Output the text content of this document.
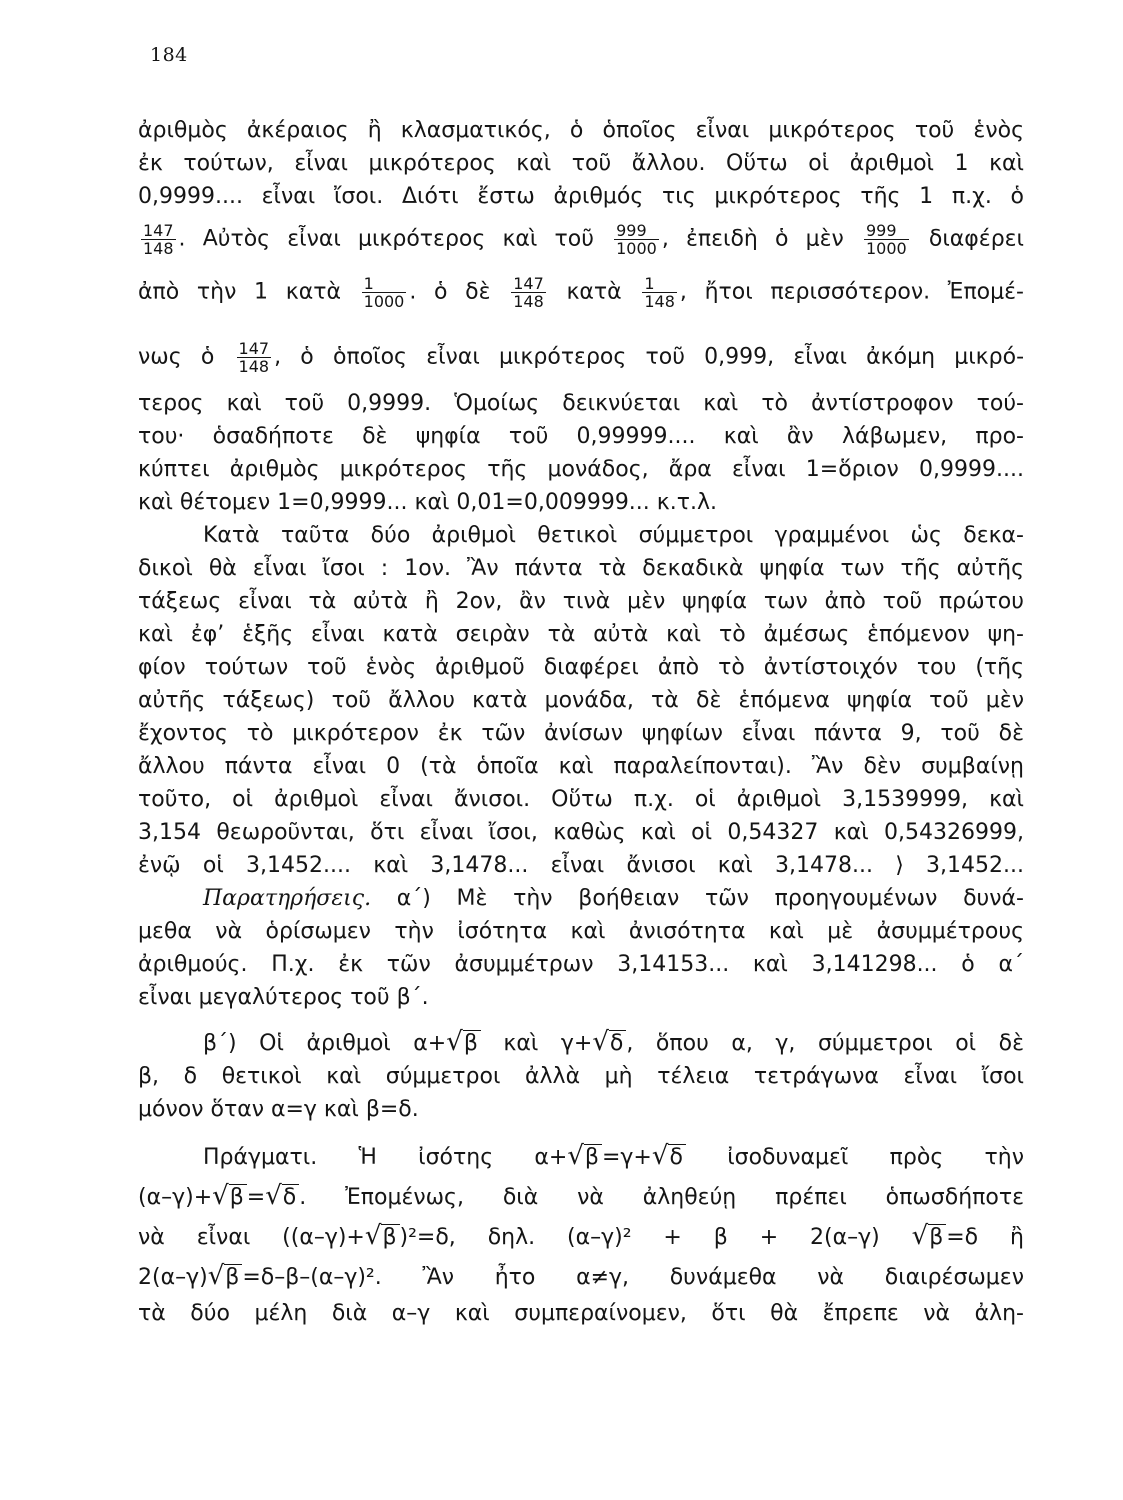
184
ἀριθμὸς ἀκέραιος ἢ κλασματικός, ὁ ὁποῖος εἶναι μικρότερος τοῦ ἑνὸς
ἐκ τούτων, εἶναι μικρότερος καὶ τοῦ ἄλλου. Οὕτω οἱ ἀριθμοὶ 1 καὶ
0,9999.... εἶναι ἴσοι. Διότι ἔστω ἀριθμός τις μικρότερος τῆς 1 π.χ. ὁ
$\frac{147}{148}$ . Αὐτὸς εἶναι μικρότερος καὶ τοῦ $\frac{999}{1000}$ , ἐπειδὴ ὁ μὲν $\frac{999}{1000}$ διαφέρει
ἀπὸ τὴν 1 κατὰ $\frac{1}{1000}$ . ὁ δὲ $\frac{147}{148}$ κατὰ $\frac{1}{148}$ , ἤτοι περισσότερον. Ἐπομέ-
νως ὁ $\frac{147}{148}$ , ὁ ὁποῖος εἶναι μικρότερος τοῦ 0,999, εἶναι ἀκόμη μικρό-
τερος καὶ τοῦ 0,9999. Ὁμοίως δεικνύεται καὶ τὸ ἀντίστροφον τού-
του· ὁσαδήποτε δὲ ψηφία τοῦ 0,99999.... καὶ ἂν λάβωμεν, προ-
κύπτει ἀριθμὸς μικρότερος τῆς μονάδος, ἄρα εἶναι 1=ὅριον 0,9999....
καὶ θέτομεν 1=0,9999... καὶ 0,01=0,009999... κ.τ.λ.
Κατὰ ταῦτα δύο ἀριθμοὶ θετικοὶ σύμμετροι γραμμένοι ὡς δεκα-
δικοὶ θὰ εἶναι ἴσοι : 1ον. Ἂν πάντα τὰ δεκαδικὰ ψηφία των τῆς αὐτῆς
τάξεως εἶναι τὰ αὐτὰ ἢ 2ον, ἂν τινὰ μὲν ψηφία των ἀπὸ τοῦ πρώτου
καὶ ἐφ’ ἑξῆς εἶναι κατὰ σειρὰν τὰ αὐτὰ καὶ τὸ ἀμέσως ἑπόμενον ψη-
φίον τούτων τοῦ ἑνὸς ἀριθμοῦ διαφέρει ἀπὸ τὸ ἀντίστοιχόν του (τῆς
αὐτῆς τάξεως) τοῦ ἄλλου κατὰ μονάδα, τὰ δὲ ἑπόμενα ψηφία τοῦ μὲν
ἔχοντος τὸ μικρότερον ἐκ τῶν ἀνίσων ψηφίων εἶναι πάντα 9, τοῦ δὲ
ἄλλου πάντα εἶναι 0 (τὰ ὁποῖα καὶ παραλείπονται). Ἂν δὲν συμβαίνῃ
τοῦτο, οἱ ἀριθμοὶ εἶναι ἄνισοι. Οὕτω π.χ. οἱ ἀριθμοὶ 3,1539999, καὶ
3,154 θεωροῦνται, ὅτι εἶναι ἴσοι, καθὼς καὶ οἱ 0,54327 καὶ 0,54326999,
ἐνῷ οἱ 3,1452.... καὶ 3,1478... εἶναι ἄνισοι καὶ 3,1478... ⟩ 3,1452...
Παρατηρήσεις. α΄) Μὲ τὴν βοήθειαν τῶν προηγουμένων δυνά-
μεθα νὰ ὁρίσωμεν τὴν ἰσότητα καὶ ἀνισότητα καὶ μὲ ἀσυμμέτρους
ἀριθμούς. Π.χ. ἐκ τῶν ἀσυμμέτρων 3,14153... καὶ 3,141298... ὁ α΄
εἶναι μεγαλύτερος τοῦ β΄.
β΄) Οἱ ἀριθμοὶ α+√β καὶ γ+√δ , ὅπου α, γ, σύμμετροι οἱ δὲ
β, δ θετικοὶ καὶ σύμμετροι ἀλλὰ μὴ τέλεια τετράγωνα εἶναι ἴσοι
μόνον ὅταν α=γ καὶ β=δ.
Πράγματι. Ἡ ἰσότης α+√β =γ+√δ ἰσοδυναμεῖ πρὸς τὴν
(α–γ)+√β =√δ . Ἐπομένως, διὰ νὰ ἀληθεύῃ πρέπει ὁπωσδήποτε
νὰ εἶναι ((α–γ)+√β )²=δ, δηλ. (α–γ)² + β + 2(α–γ) √β =δ ἢ
2(α–γ)√β =δ–β–(α–γ)². Ἂν ἦτο α≠γ, δυνάμεθα νὰ διαιρέσωμεν
τὰ δύο μέλη διὰ α–γ καὶ συμπεραίνομεν, ὅτι θὰ ἔπρεπε νὰ ἀλη-
